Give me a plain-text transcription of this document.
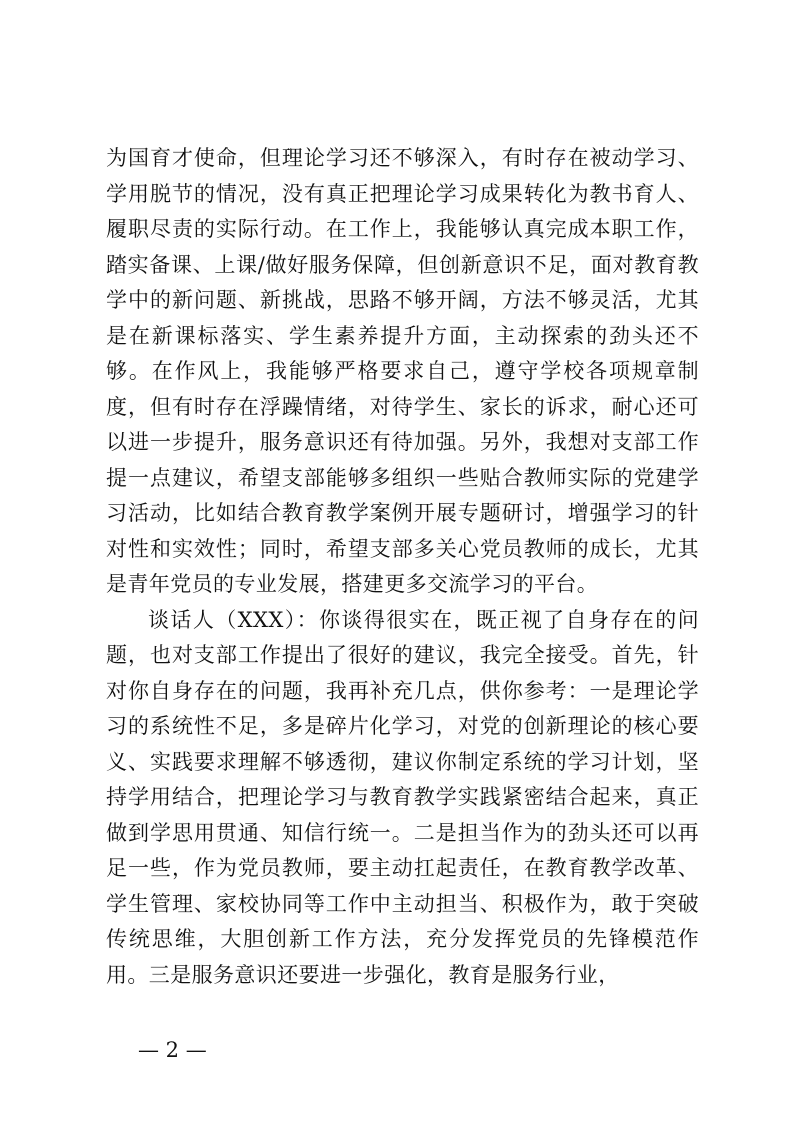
为国育才使命，但理论学习还不够深入，有时存在被动学习、学用脱节的情况，没有真正把理论学习成果转化为教书育人、履职尽责的实际行动。在工作上，我能够认真完成本职工作，踏实备课、上课/做好服务保障，但创新意识不足，面对教育教学中的新问题、新挑战，思路不够开阔，方法不够灵活，尤其是在新课标落实、学生素养提升方面，主动探索的劲头还不够。在作风上，我能够严格要求自己，遵守学校各项规章制度，但有时存在浮躁情绪，对待学生、家长的诉求，耐心还可以进一步提升，服务意识还有待加强。另外，我想对支部工作提一点建议，希望支部能够多组织一些贴合教师实际的党建学习活动，比如结合教育教学案例开展专题研讨，增强学习的针对性和实效性；同时，希望支部多关心党员教师的成长，尤其是青年党员的专业发展，搭建更多交流学习的平台。

谈话人（XXX）：你谈得很实在，既正视了自身存在的问题，也对支部工作提出了很好的建议，我完全接受。首先，针对你自身存在的问题，我再补充几点，供你参考：一是理论学习的系统性不足，多是碎片化学习，对党的创新理论的核心要义、实践要求理解不够透彻，建议你制定系统的学习计划，坚持学用结合，把理论学习与教育教学实践紧密结合起来，真正做到学思用贯通、知信行统一。二是担当作为的劲头还可以再足一些，作为党员教师，要主动扛起责任，在教育教学改革、学生管理、家校协同等工作中主动担当、积极作为，敢于突破传统思维，大胆创新工作方法，充分发挥党员的先锋模范作用。三是服务意识还要进一步强化，教育是服务行业，

— 2 —
